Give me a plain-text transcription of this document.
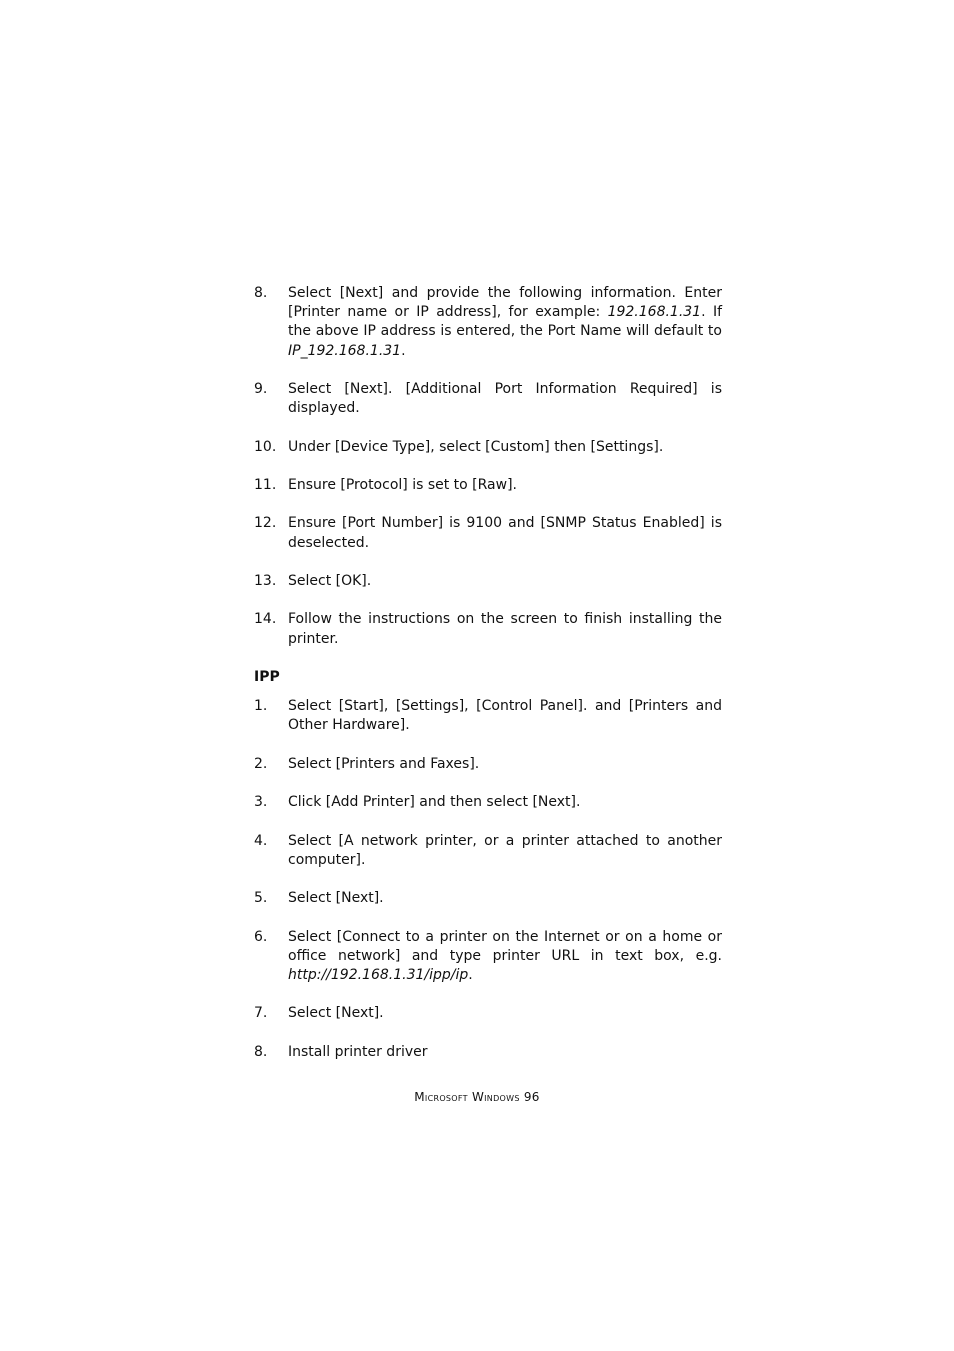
8.	Select [Next] and provide the following information. Enter [Printer name or IP address], for example: 192.168.1.31. If the above IP address is entered, the Port Name will default to IP_192.168.1.31.
9.	Select [Next]. [Additional Port Information Required] is displayed.
10. Under [Device Type], select [Custom] then [Settings].
11. Ensure [Protocol] is set to [Raw].
12. Ensure [Port Number] is 9100 and [SNMP Status Enabled] is deselected.
13. Select [OK].
14. Follow the instructions on the screen to finish installing the printer.
IPP
1.	Select [Start], [Settings], [Control Panel]. and [Printers and Other Hardware].
2.	Select [Printers and Faxes].
3.	Click [Add Printer] and then select [Next].
4.	Select [A network printer, or a printer attached to another computer].
5.	Select [Next].
6.	Select [Connect to a printer on the Internet or on a home or office network] and type printer URL in text box, e.g. http://192.168.1.31/ipp/ip.
7.	Select [Next].
8.	Install printer driver
Microsoft Windows 96
